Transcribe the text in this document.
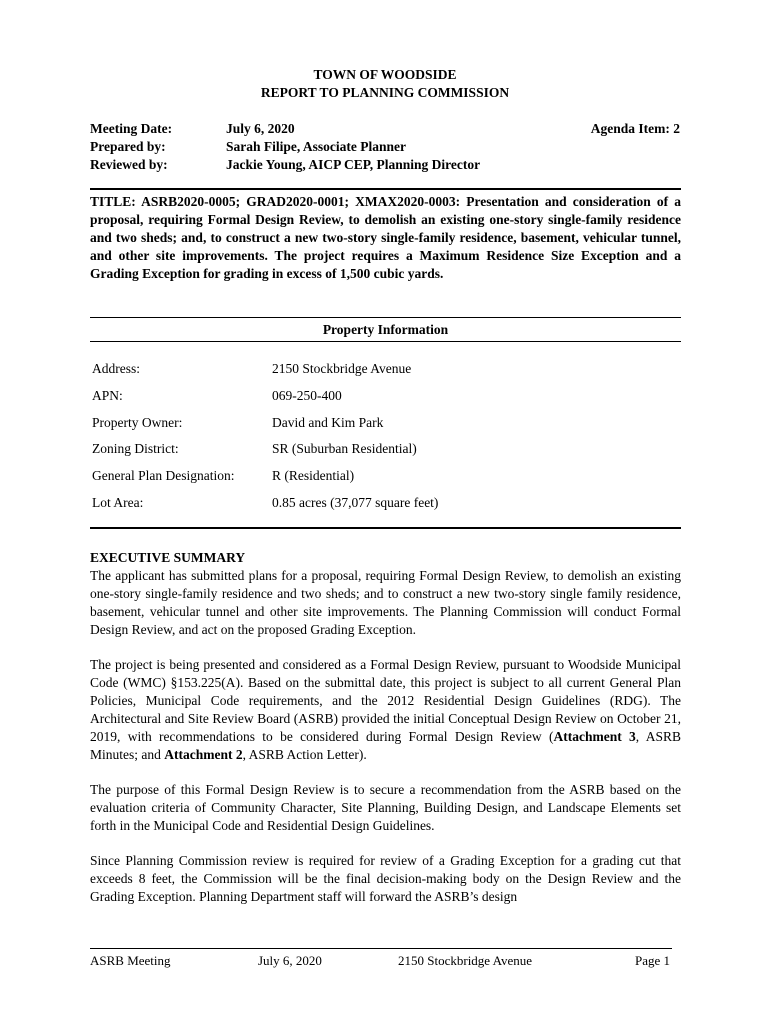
TOWN OF WOODSIDE
REPORT TO PLANNING COMMISSION
Meeting Date:	July 6, 2020	Agenda Item: 2
Prepared by:	Sarah Filipe, Associate Planner
Reviewed by:	Jackie Young, AICP CEP, Planning Director
TITLE: ASRB2020-0005; GRAD2020-0001; XMAX2020-0003: Presentation and consideration of a proposal, requiring Formal Design Review, to demolish an existing one-story single-family residence and two sheds; and, to construct a new two-story single-family residence, basement, vehicular tunnel, and other site improvements. The project requires a Maximum Residence Size Exception and a Grading Exception for grading in excess of 1,500 cubic yards.
Property Information
Address:	2150 Stockbridge Avenue
APN:	069-250-400
Property Owner:	David and Kim Park
Zoning District:	SR (Suburban Residential)
General Plan Designation:	R (Residential)
Lot Area:	0.85 acres (37,077 square feet)
EXECUTIVE SUMMARY
The applicant has submitted plans for a proposal, requiring Formal Design Review, to demolish an existing one-story single-family residence and two sheds; and to construct a new two-story single family residence, basement, vehicular tunnel and other site improvements. The Planning Commission will conduct Formal Design Review, and act on the proposed Grading Exception.
The project is being presented and considered as a Formal Design Review, pursuant to Woodside Municipal Code (WMC) §153.225(A). Based on the submittal date, this project is subject to all current General Plan Policies, Municipal Code requirements, and the 2012 Residential Design Guidelines (RDG). The Architectural and Site Review Board (ASRB) provided the initial Conceptual Design Review on October 21, 2019, with recommendations to be considered during Formal Design Review (Attachment 3, ASRB Minutes; and Attachment 2, ASRB Action Letter).
The purpose of this Formal Design Review is to secure a recommendation from the ASRB based on the evaluation criteria of Community Character, Site Planning, Building Design, and Landscape Elements set forth in the Municipal Code and Residential Design Guidelines.
Since Planning Commission review is required for review of a Grading Exception for a grading cut that exceeds 8 feet, the Commission will be the final decision-making body on the Design Review and the Grading Exception. Planning Department staff will forward the ASRB’s design
ASRB Meeting	July 6, 2020	2150 Stockbridge Avenue	Page 1
